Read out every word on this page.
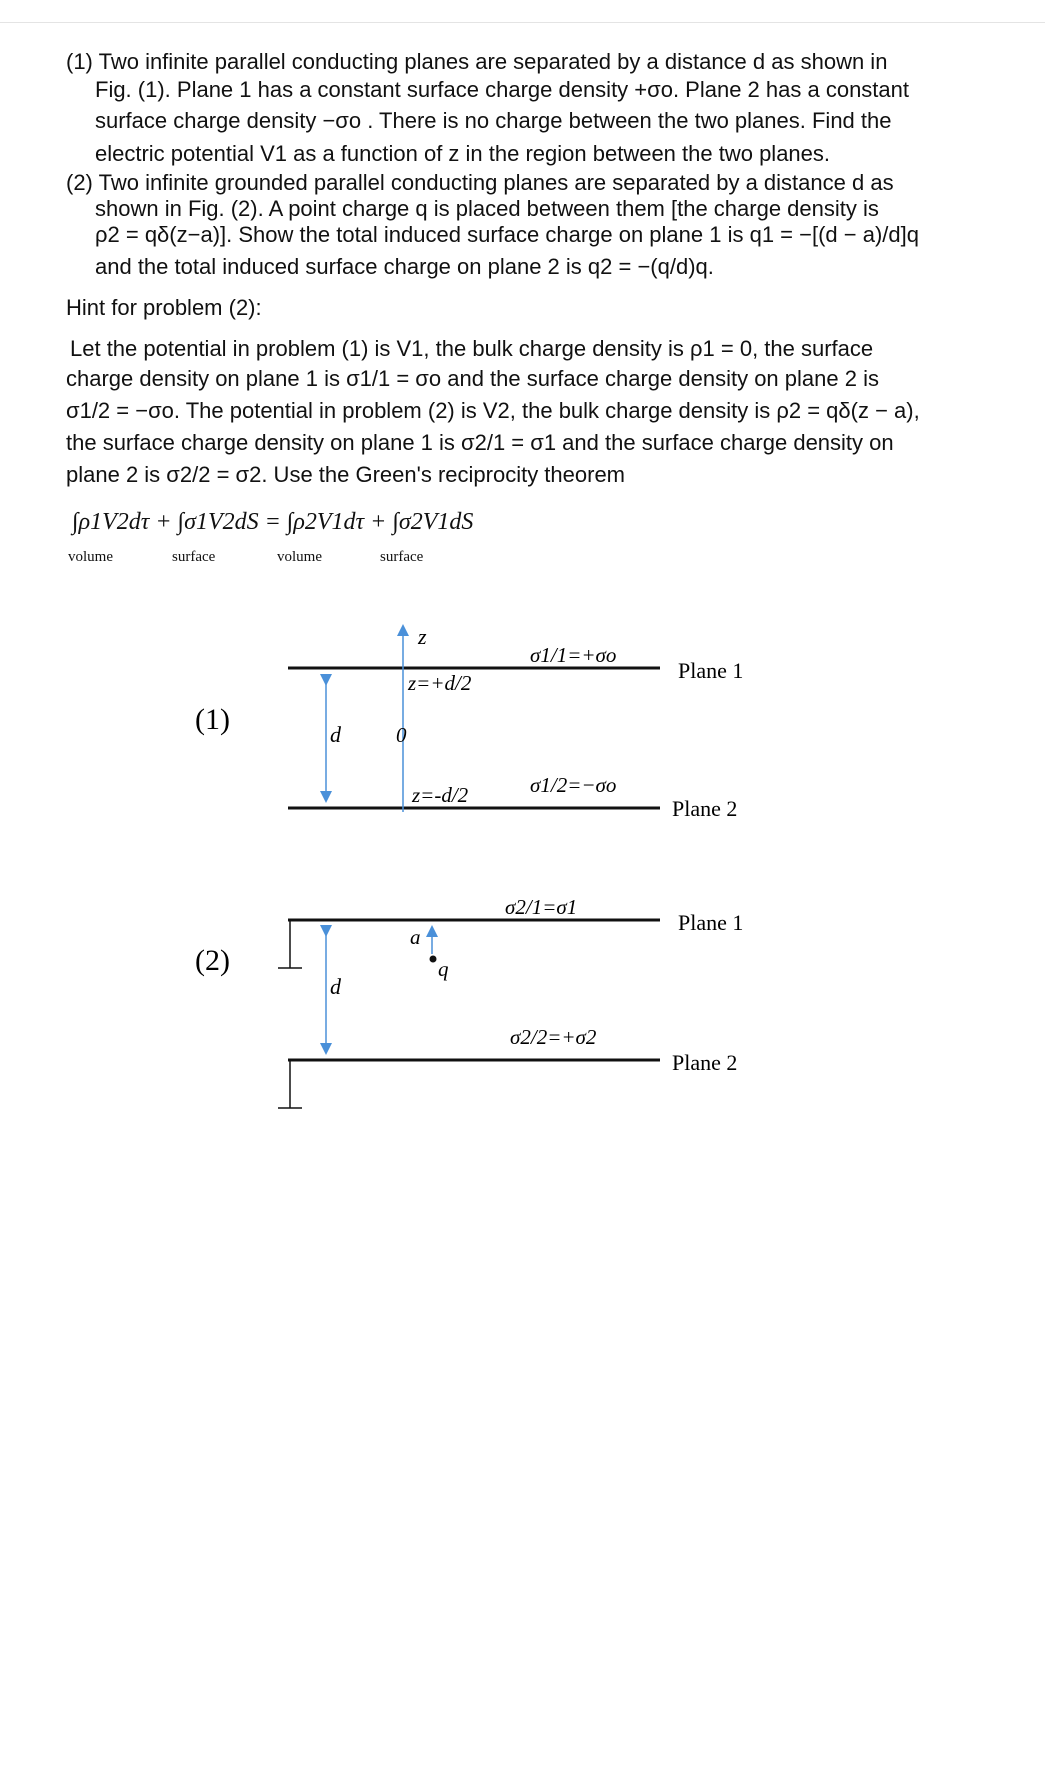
(1) Two infinite parallel conducting planes are separated by a distance d as shown in
Fig. (1). Plane 1 has a constant surface charge density +σo. Plane 2 has a constant
surface charge density −σo . There is no charge between the two planes. Find the
electric potential V1 as a function of z in the region between the two planes.
(2) Two infinite grounded parallel conducting planes are separated by a distance d as
shown in Fig. (2). A point charge q is placed between them [the charge density is
ρ2 = qδ(z−a)]. Show the total induced surface charge on plane 1 is q1 = −[(d − a)/d]q
and the total induced surface charge on plane 2 is q2 = −(q/d)q.
Hint for problem (2):
Let the potential in problem (1) is V1, the bulk charge density is ρ1 = 0, the surface
charge density on plane 1 is σ1/1 = σo and the surface charge density on plane 2 is
σ1/2 = −σo. The potential in problem (2) is V2, the bulk charge density is ρ2 = qδ(z − a),
the surface charge density on plane 1 is σ2/1 = σ1 and the surface charge density on
plane 2 is σ2/2 = σ2. Use the Green's reciprocity theorem
∫ρ1V2dτ + ∫σ1V2dS = ∫ρ2V1dτ + ∫σ2V1dS
volume	surface	volume	surface
z
z=+d/2
0
d
z=-d/2
σ1/1=+σo
σ1/2=−σo
Plane 1
Plane 2
(1)
d
a
q
σ2/1=σ1
σ2/2=+σ2
Plane 1
Plane 2
(2)
